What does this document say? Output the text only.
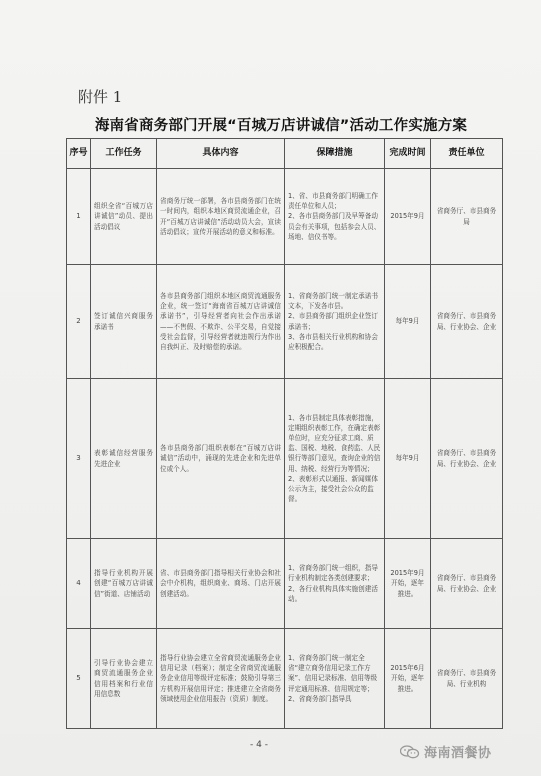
附件 1
海南省商务部门开展“百城万店讲诚信”活动工作实施方案
序号	工作任务	具体内容	保障措施	完成时间	责任单位
1	组织全省“百城万店讲诚信”动员、提出活动倡议	省商务厅统一部署，各市县商务部门在统一时间内，组织本地区商贸流通企业，召开“百城万店讲诚信”活动动员大会，宣读活动倡议；宣传开展活动的意义和标准。	1、省、市县商务部门明确工作责任单位和人员；
2、各市县商务部门及早筹备动员会有关事项，包括参会人员、场地、信仪书等。	2015年9月	省商务厅、市县商务局
2	签订诚信兴商服务承诺书	各市县商务部门组织本地区商贸流通服务企业，统一签订“海南省百城万店讲诚信承诺书”，引导经营者向社会作出承诺——不售假、不欺诈、公平交易，自觉接受社会监督，引导经营者就违规行为作出自我纠正、及时赔偿的承诺。	1、省商务部门统一制定承诺书文本，下发各市县。
2、市县商务部门组织企业签订承诺书；
3、各市县相关行业机构和协会应积极配合。	每年9月	省商务厅、市县商务局、行业协会、企业
3	表彰诚信经营服务先进企业	各市县商务部门组织表彰在“百城万店讲诚信”活动中，涌现的先进企业和先进单位或个人。	1、各市县制定具体表彰措施，定期组织表彰工作，在确定表彰单位时，应充分征求工商、质监、国税、地税、食药监、人民银行等部门意见，查询企业的信用、纳税、经营行为等情况；
2、表彰形式以通报、新闻媒体公示为主，接受社会公众的监督。	每年9月	省商务厅、市县商务局、行业协会、企业
4	指导行业机构开展创建“百城万店讲诚信”街道、店铺活动	省、市县商务部门指导相关行业协会和社会中介机构，组织商业、商场、门店开展创建活动。	1、省商务部门统一组织，指导行业机构制定各类创建要求；
2、各行业机构具体实施创建活动。	2015年9月开始，逐年推进。	省商务厅、市县商务局、行业协会、企业
5	引导行业协会建立商贸流通服务企业信用档案和行业信用信息数	指导行业协会建立全省商贸流通服务企业信用记录（档案）；制定全省商贸流通服务企业信用等级评定标准；鼓励引导第三方机构开展信用评定；推进建立全省商务领域使用企业信用报告（资质）制度。	1、省商务部门统一制定全省“建立商务信用记录工作方案”、信用记录标准、信用等级评定通用标准、信用规定等；
2、省商务部门指导具	2015年6月开始，逐年推进。	省商务厅、市县商务局、行业机构
- 4 -
海南酒餐协
